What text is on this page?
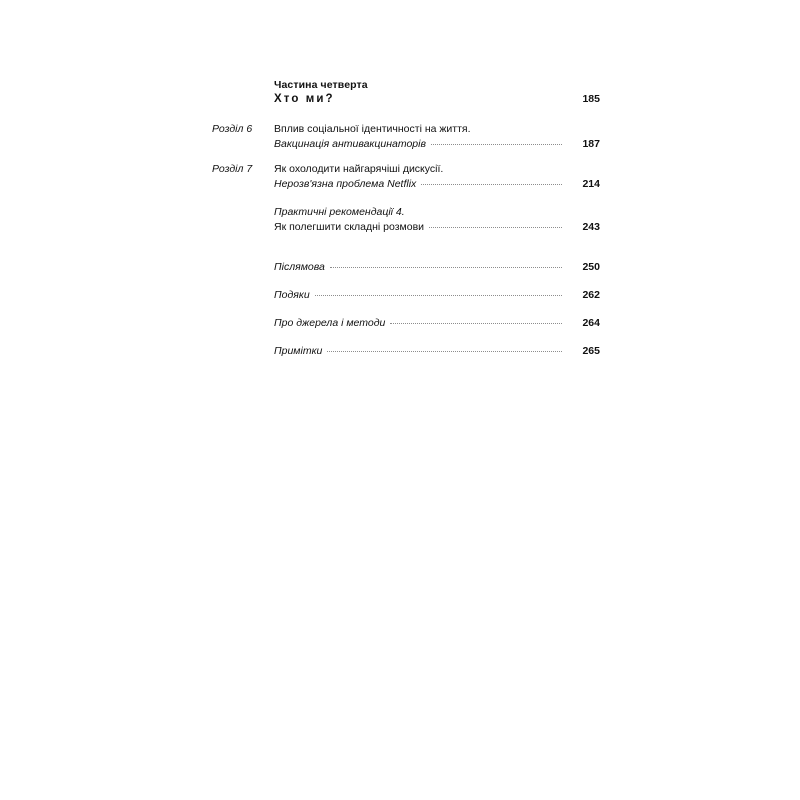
Частина четверта
Хто ми?	185
Розділ 6	Вплив соціальної ідентичності на життя.
Вакцинація антивакцинаторів	187
Розділ 7	Як охолодити найгарячіші дискусії.
Нерозв'язна проблема Netflix	214
Практичні рекомендації 4.
Як полегшити складні розмови	243
Післямова	250
Подяки	262
Про джерела і методи	264
Примітки	265
